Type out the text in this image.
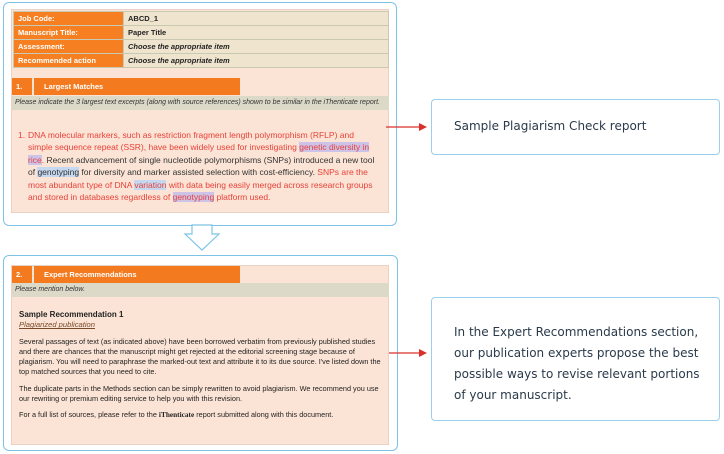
Job Code:	ABCD_1
Manuscript Title:	Paper Title
Assessment:	Choose the appropriate item
Recommended action	Choose the appropriate item
1.	Largest Matches
Please indicate the 3 largest text excerpts (along with source references) shown to be similar in the iThenticate report.
1. DNA molecular markers, such as restriction fragment length polymorphism (RFLP) and simple sequence repeat (SSR), have been widely used for investigating genetic diversity in rice. Recent advancement of single nucleotide polymorphisms (SNPs) introduced a new tool of genotyping for diversity and marker assisted selection with cost-efficiency. SNPs are the most abundant type of DNA variation with data being easily merged across research groups and stored in databases regardless of genotyping platform used.
2.	Expert Recommendations
Please mention below.
Sample Recommendation 1
Plagiarized publication

Several passages of text (as indicated above) have been borrowed verbatim from previously published studies and there are chances that the manuscript might get rejected at the editorial screening stage because of plagiarism. You will need to paraphrase the marked-out text and attribute it to its due source. I've listed down the top matched sources that you need to cite.

The duplicate parts in the Methods section can be simply rewritten to avoid plagiarism. We recommend you use our rewriting or premium editing service to help you with this revision.

For a full list of sources, please refer to the iThenticate report submitted along with this document.

Sample Plagiarism Check report
In the Expert Recommendations section, our publication experts propose the best possible ways to revise relevant portions of your manuscript.
